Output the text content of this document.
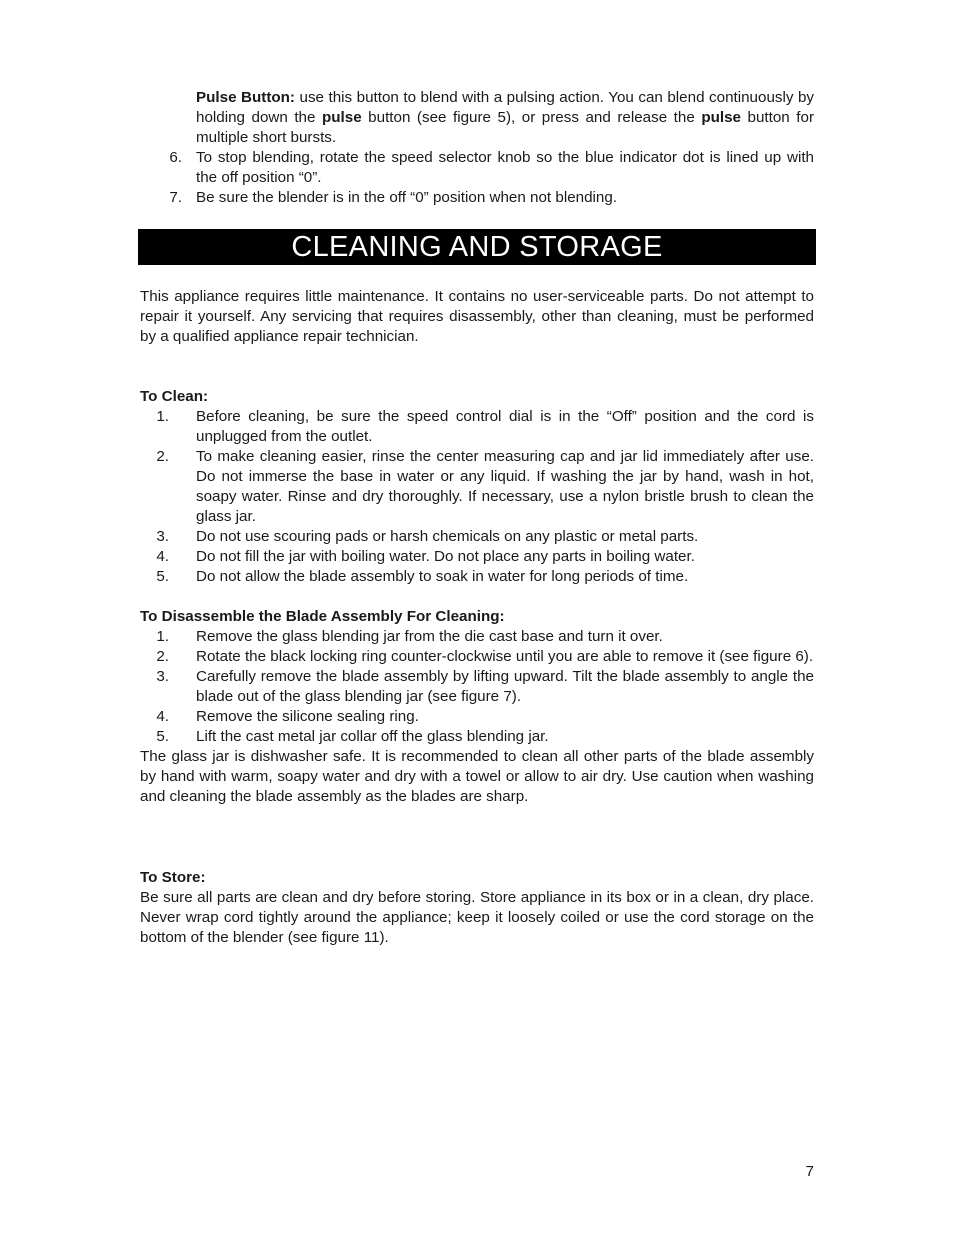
Pulse Button: use this button to blend with a pulsing action. You can blend continuously by holding down the pulse button (see figure 5), or press and release the pulse button for multiple short bursts.
6. To stop blending, rotate the speed selector knob so the blue indicator dot is lined up with the off position “0”.
7. Be sure the blender is in the off “0” position when not blending.
CLEANING AND STORAGE
This appliance requires little maintenance. It contains no user-serviceable parts. Do not attempt to repair it yourself. Any servicing that requires disassembly, other than cleaning, must be performed by a qualified appliance repair technician.
To Clean:
1.	Before cleaning, be sure the speed control dial is in the “Off” position and the cord is unplugged from the outlet.
2.	To make cleaning easier, rinse the center measuring cap and jar lid immediately after use. Do not immerse the base in water or any liquid. If washing the jar by hand, wash in hot, soapy water. Rinse and dry thoroughly. If necessary, use a nylon bristle brush to clean the glass jar.
3.	Do not use scouring pads or harsh chemicals on any plastic or metal parts.
4.	Do not fill the jar with boiling water. Do not place any parts in boiling water.
5.	Do not allow the blade assembly to soak in water for long periods of time.
To Disassemble the Blade Assembly For Cleaning:
1.	Remove the glass blending jar from the die cast base and turn it over.
2.	Rotate the black locking ring counter-clockwise until you are able to remove it (see figure 6).
3.	Carefully remove the blade assembly by lifting upward. Tilt the blade assembly to angle the blade out of the glass blending jar (see figure 7).
4.	Remove the silicone sealing ring.
5.	Lift the cast metal jar collar off the glass blending jar.
The glass jar is dishwasher safe. It is recommended to clean all other parts of the blade assembly by hand with warm, soapy water and dry with a towel or allow to air dry. Use caution when washing and cleaning the blade assembly as the blades are sharp.
To Store:
Be sure all parts are clean and dry before storing. Store appliance in its box or in a clean, dry place. Never wrap cord tightly around the appliance; keep it loosely coiled or use the cord storage on the bottom of the blender (see figure 11).
7
